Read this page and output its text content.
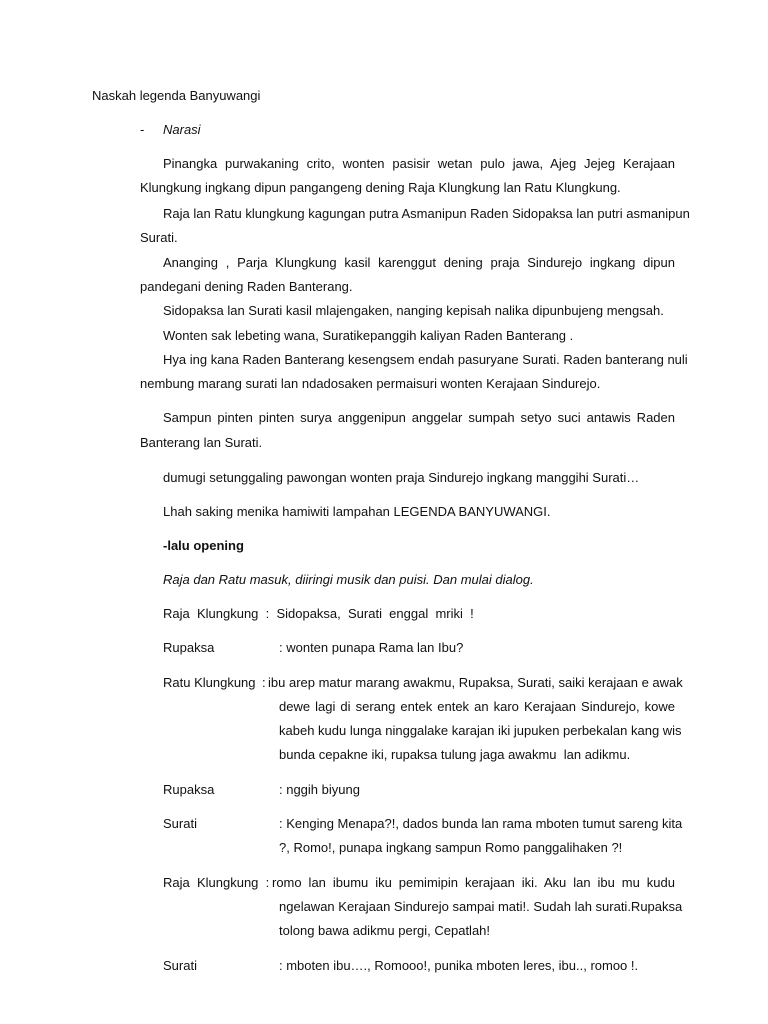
Naskah legenda Banyuwangi
- Narasi
Pinangka purwakaning crito, wonten pasisir wetan pulo jawa, Ajeg Jejeg Kerajaan
Klungkung ingkang dipun pangangeng dening Raja Klungkung lan Ratu Klungkung.
Raja lan Ratu klungkung kagungan putra Asmanipun Raden Sidopaksa lan putri asmanipun
Surati.
Ananging , Parja Klungkung kasil karenggut dening praja Sindurejo ingkang dipun
pandegani dening Raden Banterang.
Sidopaksa lan Surati kasil mlajengaken, nanging kepisah nalika dipunbujeng mengsah.
Wonten sak lebeting wana, Suratikepanggih kaliyan Raden Banterang .
Hya ing kana Raden Banterang kesengsem endah pasuryane Surati. Raden banterang nuli
nembung marang surati lan ndadosaken permaisuri wonten Kerajaan Sindurejo.
Sampun pinten pinten surya anggenipun anggelar sumpah setyo suci antawis Raden
Banterang lan Surati.
dumugi setunggaling pawongan wonten praja Sindurejo ingkang manggihi Surati…
Lhah saking menika hamiwiti lampahan LEGENDA BANYUWANGI.
-lalu opening
Raja dan Ratu masuk, diiringi musik dan puisi. Dan mulai dialog.
Raja  Klungkung  :  Sidopaksa,  Surati  enggal  mriki  !
Rupaksa	: wonten punapa Rama lan Ibu?
Ratu Klungkung : ibu arep matur marang awakmu, Rupaksa, Surati, saiki kerajaan e awak
dewe lagi di serang entek entek an karo Kerajaan Sindurejo, kowe
kabeh kudu lunga ninggalake karajan iki jupuken perbekalan kang wis
bunda cepakne iki, rupaksa tulung jaga awakmu  lan adikmu.
Rupaksa	: nggih biyung
Surati	: Kenging Menapa?!, dados bunda lan rama mboten tumut sareng kita
?, Romo!, punapa ingkang sampun Romo panggalihaken ?!
Raja  Klungkung  : romo lan ibumu iku pemimipin kerajaan iki. Aku lan ibu mu kudu
ngelawan Kerajaan Sindurejo sampai mati!. Sudah lah surati.Rupaksa
tolong bawa adikmu pergi, Cepatlah!
Surati	: mboten ibu…., Romooo!, punika mboten leres, ibu.., romoo !.
